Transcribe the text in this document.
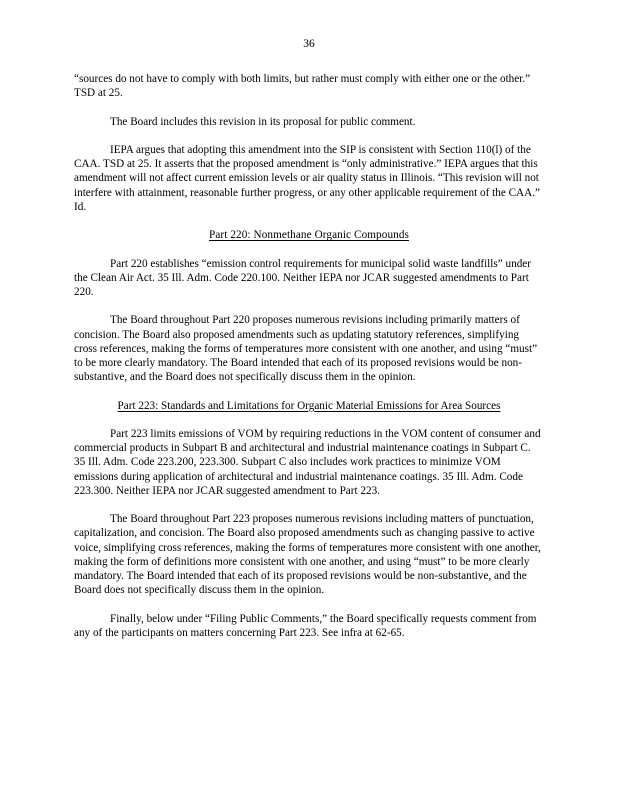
36

“sources do not have to comply with both limits, but rather must comply with either one or the other.” TSD at 25.

The Board includes this revision in its proposal for public comment.

IEPA argues that adopting this amendment into the SIP is consistent with Section 110(l) of the CAA. TSD at 25. It asserts that the proposed amendment is “only administrative.” IEPA argues that this amendment will not affect current emission levels or air quality status in Illinois. “This revision will not interfere with attainment, reasonable further progress, or any other applicable requirement of the CAA.” Id.

Part 220: Nonmethane Organic Compounds

Part 220 establishes “emission control requirements for municipal solid waste landfills” under the Clean Air Act. 35 Ill. Adm. Code 220.100. Neither IEPA nor JCAR suggested amendments to Part 220.

The Board throughout Part 220 proposes numerous revisions including primarily matters of concision. The Board also proposed amendments such as updating statutory references, simplifying cross references, making the forms of temperatures more consistent with one another, and using “must” to be more clearly mandatory. The Board intended that each of its proposed revisions would be non-substantive, and the Board does not specifically discuss them in the opinion.

Part 223: Standards and Limitations for Organic Material Emissions for Area Sources

Part 223 limits emissions of VOM by requiring reductions in the VOM content of consumer and commercial products in Subpart B and architectural and industrial maintenance coatings in Subpart C. 35 Ill. Adm. Code 223.200, 223.300. Subpart C also includes work practices to minimize VOM emissions during application of architectural and industrial maintenance coatings. 35 Ill. Adm. Code 223.300. Neither IEPA nor JCAR suggested amendment to Part 223.

The Board throughout Part 223 proposes numerous revisions including matters of punctuation, capitalization, and concision. The Board also proposed amendments such as changing passive to active voice, simplifying cross references, making the forms of temperatures more consistent with one another, making the form of definitions more consistent with one another, and using “must” to be more clearly mandatory. The Board intended that each of its proposed revisions would be non-substantive, and the Board does not specifically discuss them in the opinion.

Finally, below under “Filing Public Comments,” the Board specifically requests comment from any of the participants on matters concerning Part 223. See infra at 62-65.
